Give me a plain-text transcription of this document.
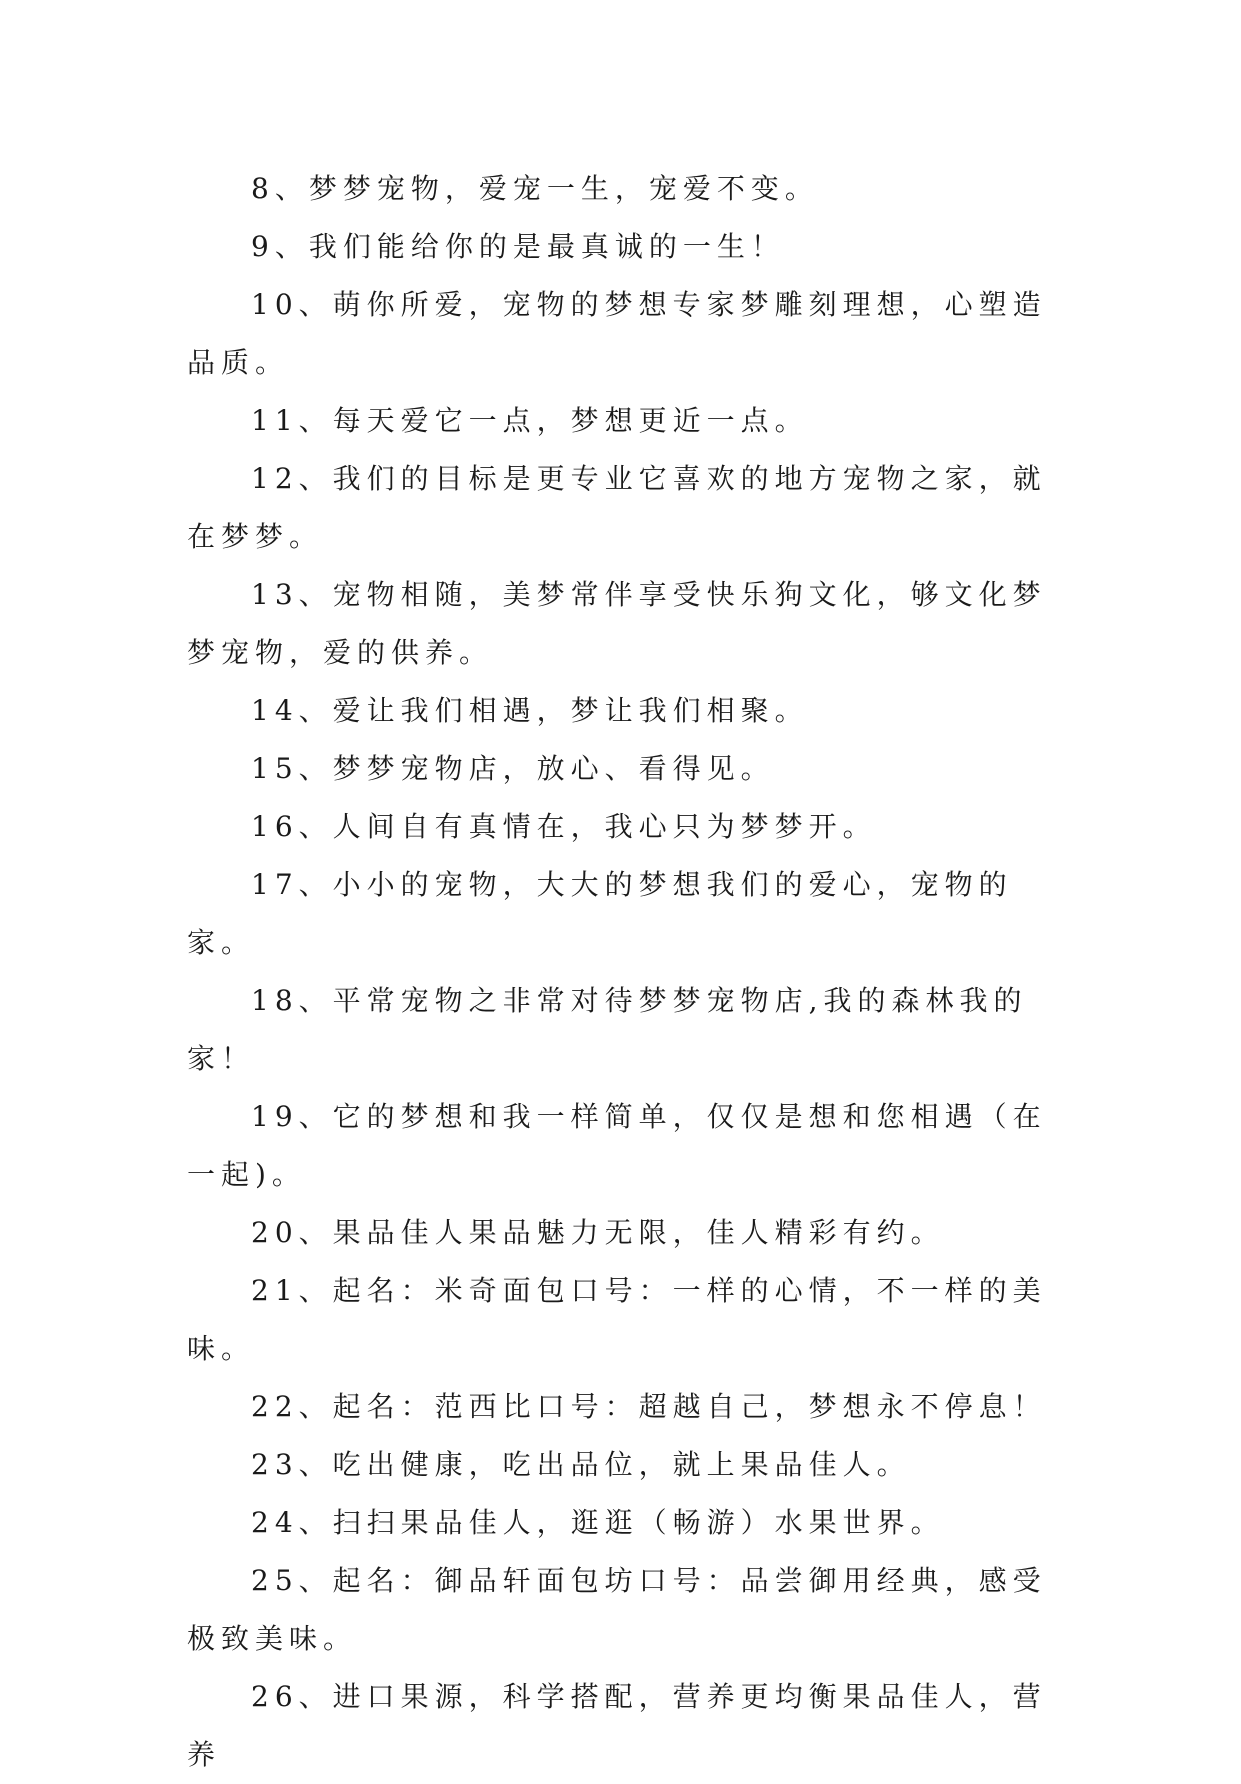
8、梦梦宠物，爱宠一生，宠爱不变。

9、我们能给你的是最真诚的一生！

10、萌你所爱，宠物的梦想专家梦雕刻理想，心塑造品质。

11、每天爱它一点，梦想更近一点。

12、我们的目标是更专业它喜欢的地方宠物之家，就在梦梦。

13、宠物相随，美梦常伴享受快乐狗文化，够文化梦梦宠物，爱的供养。

14、爱让我们相遇，梦让我们相聚。

15、梦梦宠物店，放心、看得见。

16、人间自有真情在，我心只为梦梦开。

17、小小的宠物，大大的梦想我们的爱心，宠物的家。

18、平常宠物之非常对待梦梦宠物店,我的森林我的家！

19、它的梦想和我一样简单，仅仅是想和您相遇（在一起)。

20、果品佳人果品魅力无限，佳人精彩有约。

21、起名：米奇面包口号：一样的心情，不一样的美味。

22、起名：范西比口号：超越自己，梦想永不停息！

23、吃出健康，吃出品位，就上果品佳人。

24、扫扫果品佳人，逛逛（畅游）水果世界。

25、起名：御品轩面包坊口号：品尝御用经典，感受极致美味。

26、进口果源，科学搭配，营养更均衡果品佳人，营养
